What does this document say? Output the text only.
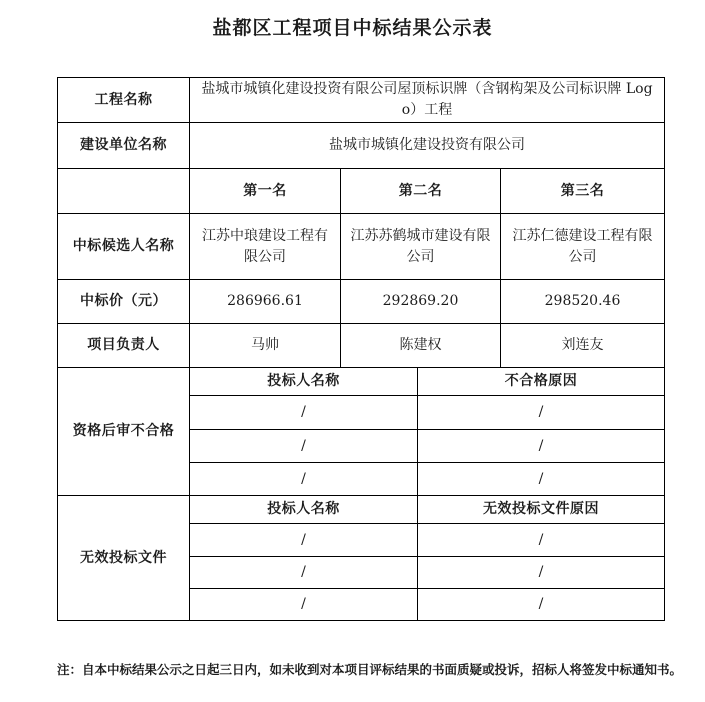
盐都区工程项目中标结果公示表
工程名称	盐城市城镇化建设投资有限公司屋顶标识牌（含钢构架及公司标识牌 Logo）工程			
建设单位名称	盐城市城镇化建设投资有限公司			
	第一名	第二名		第三名
中标候选人名称	江苏中琅建设工程有限公司	江苏苏鹤城市建设有限公司		江苏仁德建设工程有限公司
中标价（元）	286966.61	292869.20		298520.46
项目负责人	马帅	陈建权		刘连友
资格后审不合格	投标人名称		不合格原因	
	/		/	
	/		/	
	/		/	
无效投标文件	投标人名称		无效投标文件原因	
	/		/	
	/		/	
	/		/	
注：自本中标结果公示之日起三日内，如未收到对本项目评标结果的书面质疑或投诉，招标人将签发中标通知书。
